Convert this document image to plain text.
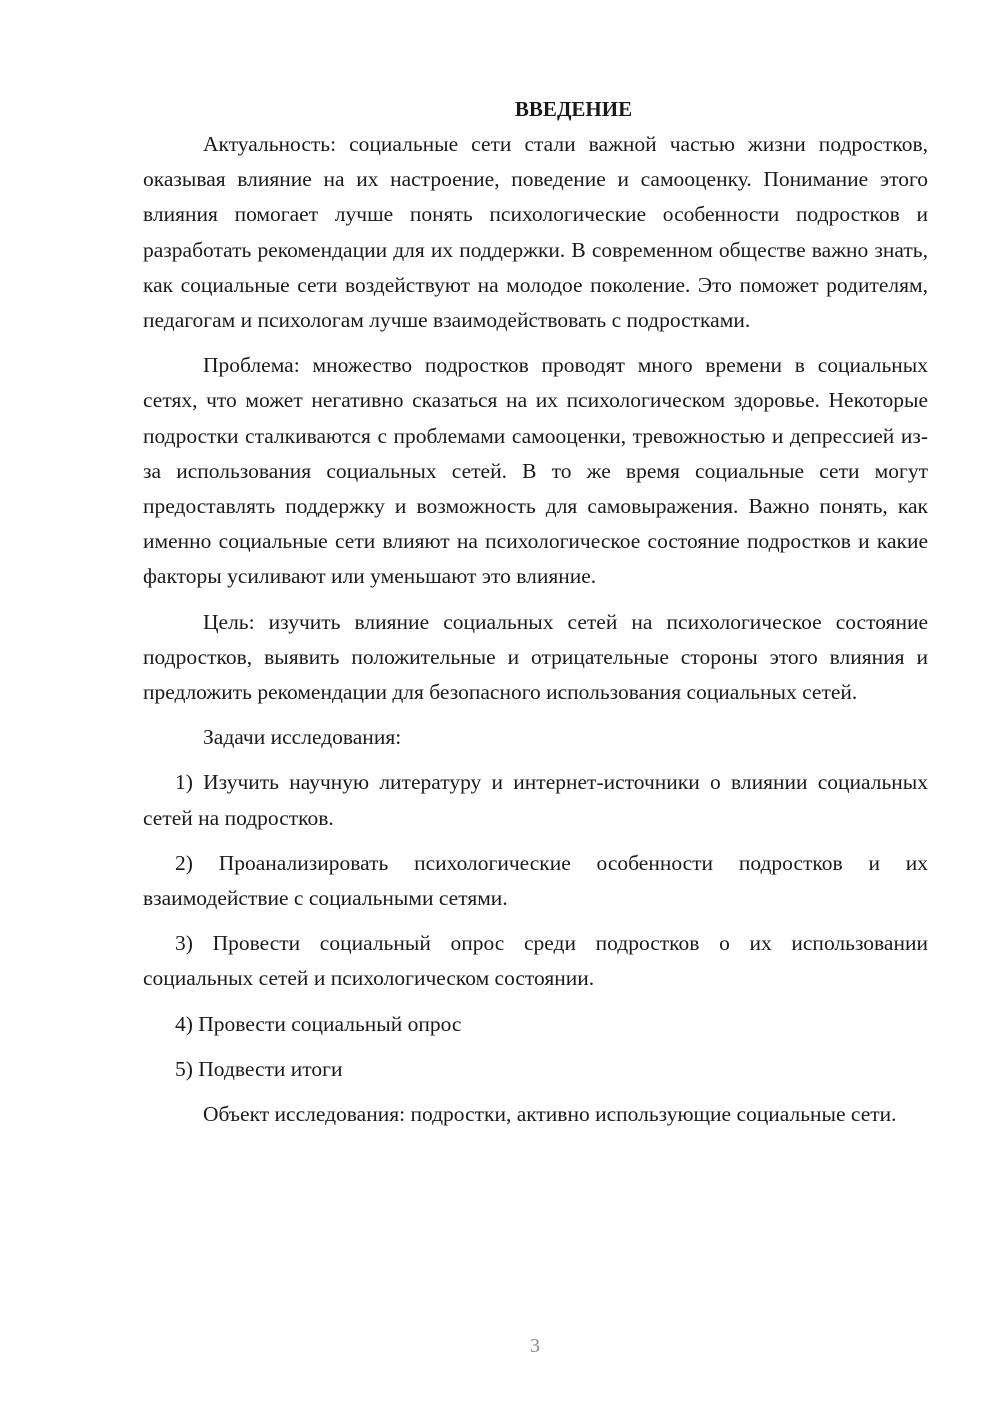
ВВЕДЕНИЕ

Актуальность: социальные сети стали важной частью жизни подростков, оказывая влияние на их настроение, поведение и самооценку. Понимание этого влияния помогает лучше понять психологические особенности подростков и разработать рекомендации для их поддержки. В современном обществе важно знать, как социальные сети воздействуют на молодое поколение. Это поможет родителям, педагогам и психологам лучше взаимодействовать с подростками.

Проблема: множество подростков проводят много времени в социальных сетях, что может негативно сказаться на их психологическом здоровье. Некоторые подростки сталкиваются с проблемами самооценки, тревожностью и депрессией из-за использования социальных сетей. В то же время социальные сети могут предоставлять поддержку и возможность для самовыражения. Важно понять, как именно социальные сети влияют на психологическое состояние подростков и какие факторы усиливают или уменьшают это влияние.

Цель: изучить влияние социальных сетей на психологическое состояние подростков, выявить положительные и отрицательные стороны этого влияния и предложить рекомендации для безопасного использования социальных сетей.

Задачи исследования:

1) Изучить научную литературу и интернет-источники о влиянии социальных сетей на подростков.

2) Проанализировать психологические особенности подростков и их взаимодействие с социальными сетями.

3) Провести социальный опрос среди подростков о их использовании социальных сетей и психологическом состоянии.

4) Провести социальный опрос

5) Подвести итоги

Объект исследования: подростки, активно использующие социальные сети.

3
